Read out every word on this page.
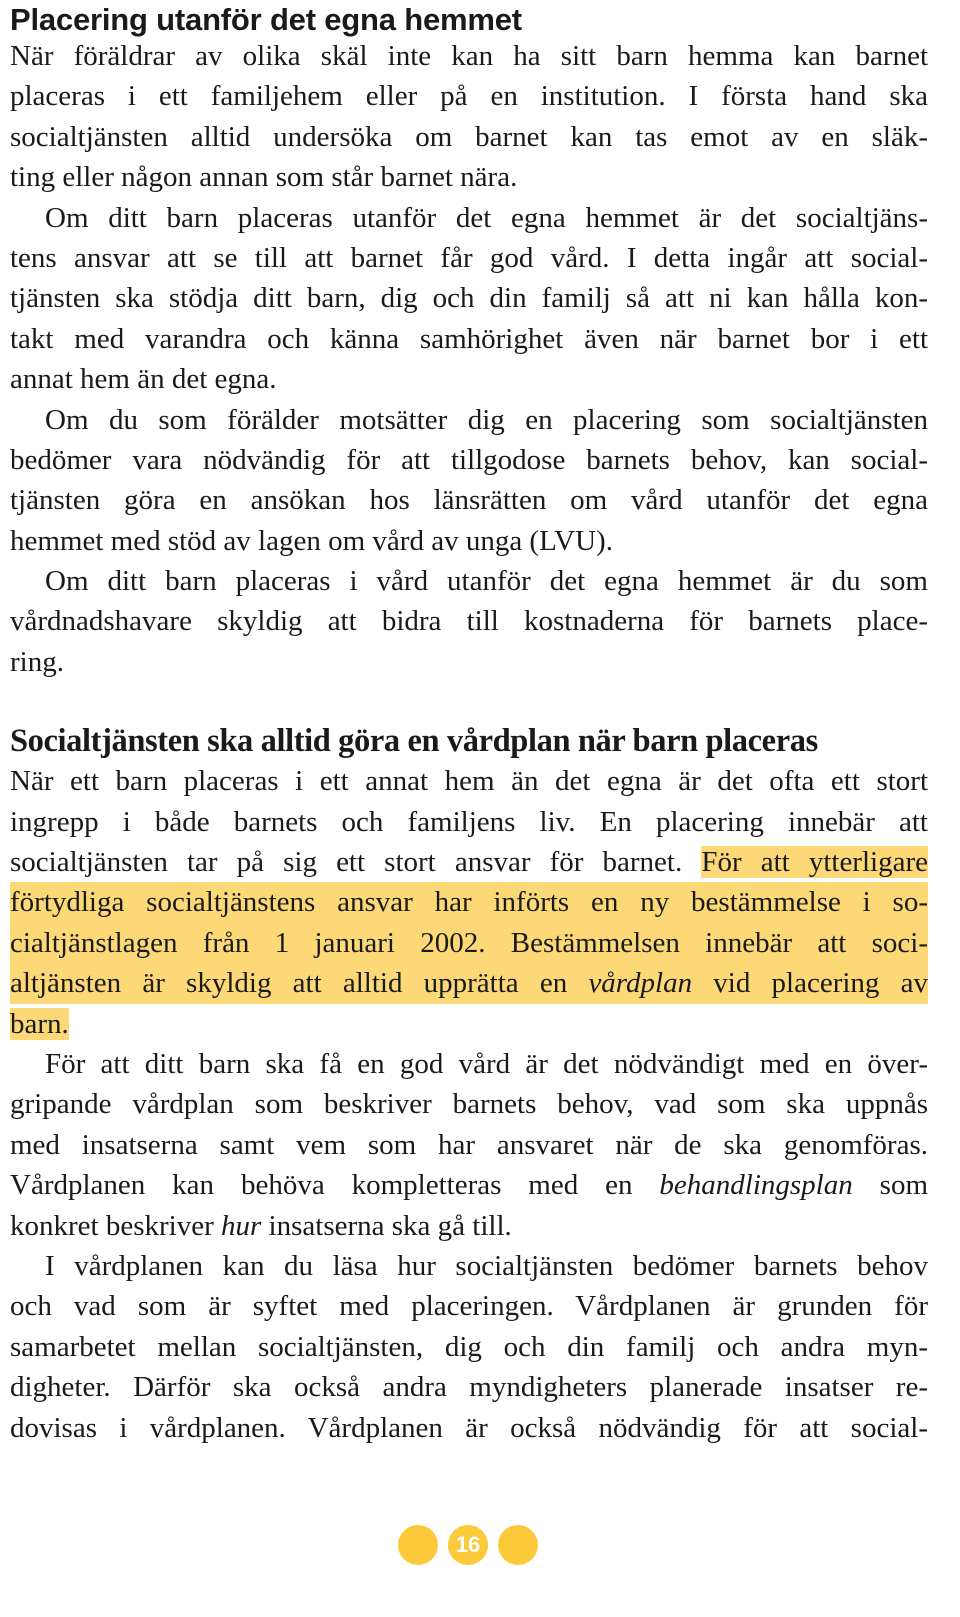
Placering utanför det egna hemmet
När föräldrar av olika skäl inte kan ha sitt barn hemma kan barnet
placeras i ett familjehem eller på en institution. I första hand ska
socialtjänsten alltid undersöka om barnet kan tas emot av en släk-
ting eller någon annan som står barnet nära.
Om ditt barn placeras utanför det egna hemmet är det socialtjäns-
tens ansvar att se till att barnet får god vård. I detta ingår att social-
tjänsten ska stödja ditt barn, dig och din familj så att ni kan hålla kon-
takt med varandra och känna samhörighet även när barnet bor i ett
annat hem än det egna.
Om du som förälder motsätter dig en placering som socialtjänsten
bedömer vara nödvändig för att tillgodose barnets behov, kan social-
tjänsten göra en ansökan hos länsrätten om vård utanför det egna
hemmet med stöd av lagen om vård av unga (LVU).
Om ditt barn placeras i vård utanför det egna hemmet är du som
vårdnadshavare skyldig att bidra till kostnaderna för barnets place-
ring.
Socialtjänsten ska alltid göra en vårdplan när barn placeras
När ett barn placeras i ett annat hem än det egna är det ofta ett stort
ingrepp i både barnets och familjens liv. En placering innebär att
socialtjänsten tar på sig ett stort ansvar för barnet. För att ytterligare
förtydliga socialtjänstens ansvar har införts en ny bestämmelse i so-
cialtjänstlagen från 1 januari 2002. Bestämmelsen innebär att soci-
altjänsten är skyldig att alltid upprätta en vårdplan vid placering av
barn.
För att ditt barn ska få en god vård är det nödvändigt med en över-
gripande vårdplan som beskriver barnets behov, vad som ska uppnås
med insatserna samt vem som har ansvaret när de ska genomföras.
Vårdplanen kan behöva kompletteras med en behandlingsplan som
konkret beskriver hur insatserna ska gå till.
I vårdplanen kan du läsa hur socialtjänsten bedömer barnets behov
och vad som är syftet med placeringen. Vårdplanen är grunden för
samarbetet mellan socialtjänsten, dig och din familj och andra myn-
digheter. Därför ska också andra myndigheters planerade insatser re-
dovisas i vårdplanen. Vårdplanen är också nödvändig för att social-
16
